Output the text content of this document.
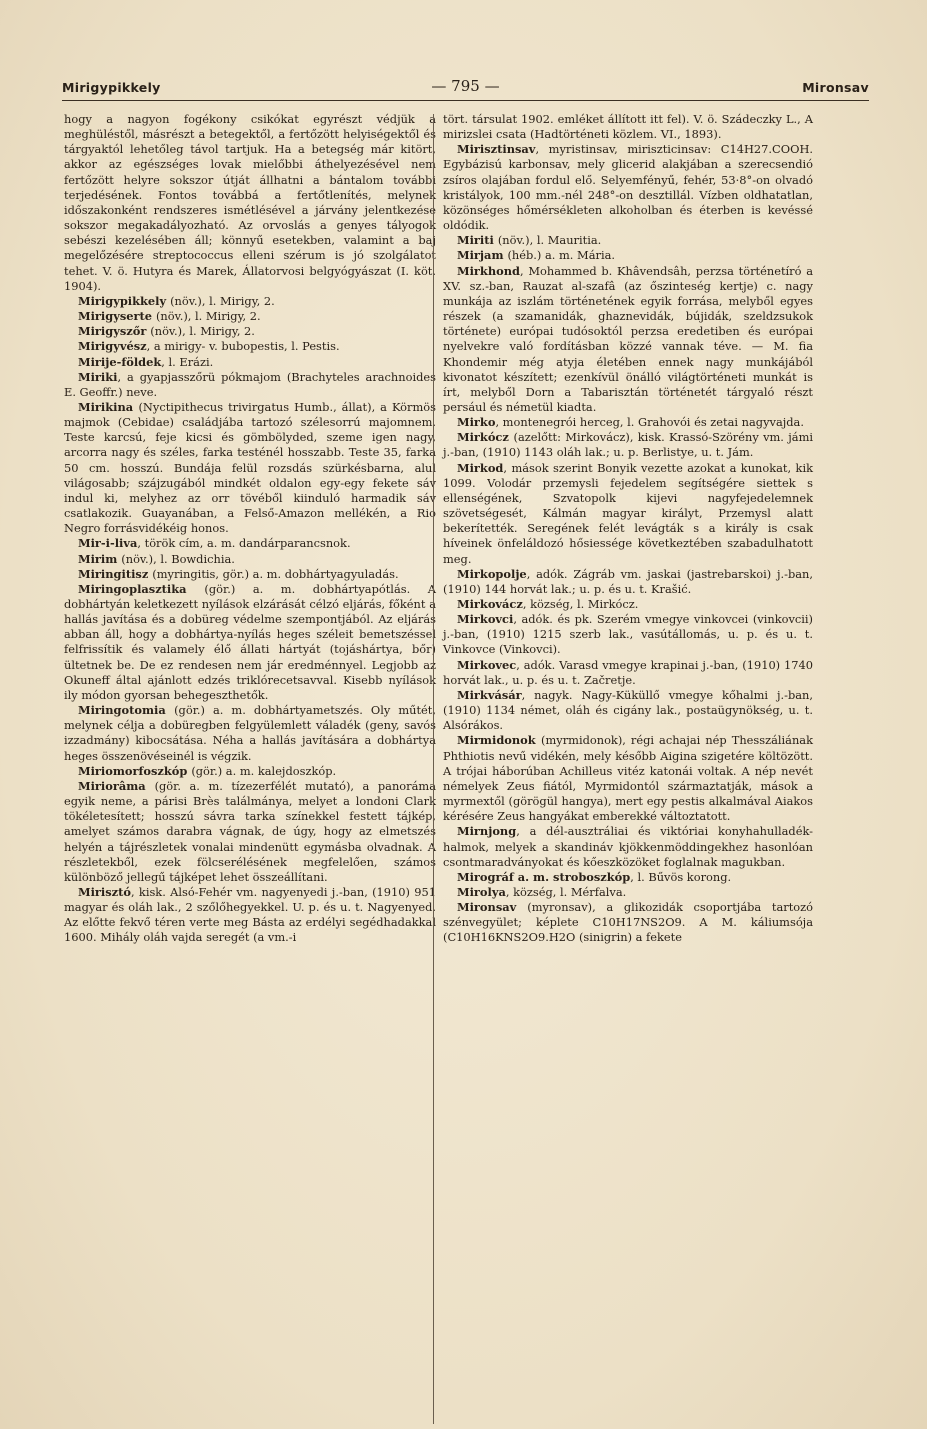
Mirigypikkely	— 795 —	Mironsav

hogy a nagyon fogékony csikókat egyrészt védjük a meghüléstől, másrészt a betegektől, a fertőzött helyiségektől és tárgyaktól lehetőleg távol tartjuk. Ha a betegség már kitört, akkor az egészséges lovak mielőbbi áthelyezésével nem fertőzött helyre sokszor útját állhatni a bántalom további terjedésének. Fontos továbbá a fertőtlenítés, melynek időszakonként rendszeres ismétlésével a járvány jelentkezése sokszor megakadályozható. Az orvoslás a genyes tályogok sebészi kezelésében áll; könnyű esetekben, valamint a baj megelőzésére streptococcus elleni szérum is jó szolgálatot tehet. V. ö. Hutyra és Marek, Állatorvosi belgyógyászat (I. köt. 1904).

Mirigypikkely (növ.), l. Mirigy, 2.

Mirigyserte (növ.), l. Mirigy, 2.

Mirigyszőr (növ.), l. Mirigy, 2.

Mirigyvész, a mirigy- v. bubopestis, l. Pestis.

Mirije-földek, l. Erázi.

Miriki, a gyapjasszőrü pókmajom (Brachyteles arachnoides E. Geoffr.) neve.

Mirikina (Nyctipithecus trivirgatus Humb., állat), a Körmös majmok (Cebidae) családjába tartozó szélesorrú majomnem. Teste karcsú, feje kicsi és gömbölyded, szeme igen nagy, arcorra nagy és széles, farka testénél hosszabb. Teste 35, farka 50 cm. hosszú. Bundája felül rozsdás szürkésbarna, alul világosabb; szájzugából mindkét oldalon egy-egy fekete sáv indul ki, melyhez az orr tövéből kiinduló harmadik sáv csatlakozik. Guayanában, a Felső-Amazon mellékén, a Rio Negro forrásvidékéig honos.

Mir-i-liva, török cím, a. m. dandárparancsnok.

Mirim (növ.), l. Bowdichia.

Miringitisz (myringitis, gör.) a. m. dobhártyagyuladás.

Miringoplasztika (gör.) a. m. dobhártyapótlás. A dobhártyán keletkezett nyílások elzárását célzó eljárás, főként a hallás javítása és a dobüreg védelme szempontjából. Az eljárás abban áll, hogy a dobhártya-nyílás heges széleit bemetszéssel felfrissítik és valamely élő állati hártyát (tojáshártya, bőr) ültetnek be. De ez rendesen nem jár eredménnyel. Legjobb az Okuneff által ajánlott edzés triklórecetsavval. Kisebb nyílások ily módon gyorsan behegeszthetők.

Miringotomia (gör.) a. m. dobhártyametszés. Oly műtét, melynek célja a dobüregben felgyülemlett váladék (geny, savós izzadmány) kibocsátása. Néha a hallás javítására a dobhártya heges összenövéseinél is végzik.

Miriomorfoszkóp (gör.) a. m. kalejdoszkóp.

Miriorâma (gör. a. m. tízezerfélét mutató), a panoráma egyik neme, a párisi Brès találmánya, melyet a londoni Clark tökéletesített; hosszú sávra tarka színekkel festett tájkép, amelyet számos darabra vágnak, de úgy, hogy az elmetszés helyén a tájrészletek vonalai mindenütt egymásba olvadnak. A részletekből, ezek fölcserélésének megfelelően, számos különböző jellegű tájképet lehet összeállítani.

Mirisztó, kisk. Alsó-Fehér vm. nagyenyedi j.-ban, (1910) 951 magyar és oláh lak., 2 szőlőhegyekkel. U. p. és u. t. Nagyenyed. Az előtte fekvő téren verte meg Básta az erdélyi segédhadakkal 1600. Mihály oláh vajda seregét (a vm.-i

tört. társulat 1902. emléket állított itt fel). V. ö. Szádeczky L., A mirizslei csata (Hadtörténeti közlem. VI., 1893).

Mirisztinsav, myristinsav, miriszticinsav: C14H27.COOH. Egybázisú karbonsav, mely glicerid alakjában a szerecsendió zsíros olajában fordul elő. Selyemfényű, fehér, 53·8°-on olvadó kristályok, 100 mm.-nél 248°-on desztillál. Vízben oldhatatlan, közönséges hőmérsékleten alkoholban és éterben is kevéssé oldódik.

Miriti (növ.), l. Mauritia.

Mirjam (héb.) a. m. Mária.

Mirkhond, Mohammed b. Khâvendsâh, perzsa történetíró a XV. sz.-ban, Rauzat al-szafâ (az őszinteség kertje) c. nagy munkája az iszlám történetének egyik forrása, melyből egyes részek (a szamanidák, ghaznevidák, bújidák, szeldzsukok története) európai tudósoktól perzsa eredetiben és európai nyelvekre való fordításban közzé vannak téve. — M. fia Khondemir még atyja életében ennek nagy munkájából kivonatot készített; ezenkívül önálló világtörténeti munkát is írt, melyből Dorn a Tabarisztán történetét tárgyaló részt persául és németül kiadta.

Mirko, montenegrói herceg, l. Grahovói és zetai nagyvajda.

Mirkócz (azelőtt: Mirkovácz), kisk. Krassó-Szörény vm. jámi j.-ban, (1910) 1143 oláh lak.; u. p. Berlistye, u. t. Jám.

Mirkod, mások szerint Bonyik vezette azokat a kunokat, kik 1099. Volodár przemysli fejedelem segítségére siettek s ellenségének, Szvatopolk kijevi nagyfejedelemnek szövetségesét, Kálmán magyar királyt, Przemysl alatt bekerítették. Seregének felét levágták s a király is csak híveinek önfeláldozó hősiessége következtében szabadulhatott meg.

Mirkopolje, adók. Zágráb vm. jaskai (jastrebarskoi) j.-ban, (1910) 144 horvát lak.; u. p. és u. t. Krašić.

Mirkovácz, község, l. Mirkócz.

Mirkovci, adók. és pk. Szerém vmegye vinkovcei (vinkovcii) j.-ban, (1910) 1215 szerb lak., vasútállomás, u. p. és u. t. Vinkovce (Vinkovci).

Mirkovec, adók. Varasd vmegye krapinai j.-ban, (1910) 1740 horvát lak., u. p. és u. t. Začretje.

Mirkvásár, nagyk. Nagy-Küküllő vmegye kőhalmi j.-ban, (1910) 1134 német, oláh és cigány lak., postaügynökség, u. t. Alsórákos.

Mirmidonok (myrmidonok), régi achajai nép Thesszáliának Phthiotis nevű vidékén, mely később Aigina szigetére költözött. A trójai háborúban Achilleus vitéz katonái voltak. A nép nevét némelyek Zeus fiától, Myrmidontól származtatják, mások a myrmextől (görögül hangya), mert egy pestis alkalmával Aiakos kérésére Zeus hangyákat emberekké változtatott.

Mirnjong, a dél-ausztráliai és viktóriai konyhahulladék-halmok, melyek a skandináv kjökkenmöddingekhez hasonlóan csontmaradványokat és kőeszközöket foglalnak magukban.

Mirográf a. m. stroboszkóp, l. Bűvös korong.

Mirolya, község, l. Mérfalva.

Mironsav (myronsav), a glikozidák csoportjába tartozó szénvegyület; képlete C10H17NS2O9. A M. káliumsója (C10H16KNS2O9.H2O (sinigrin) a fekete
